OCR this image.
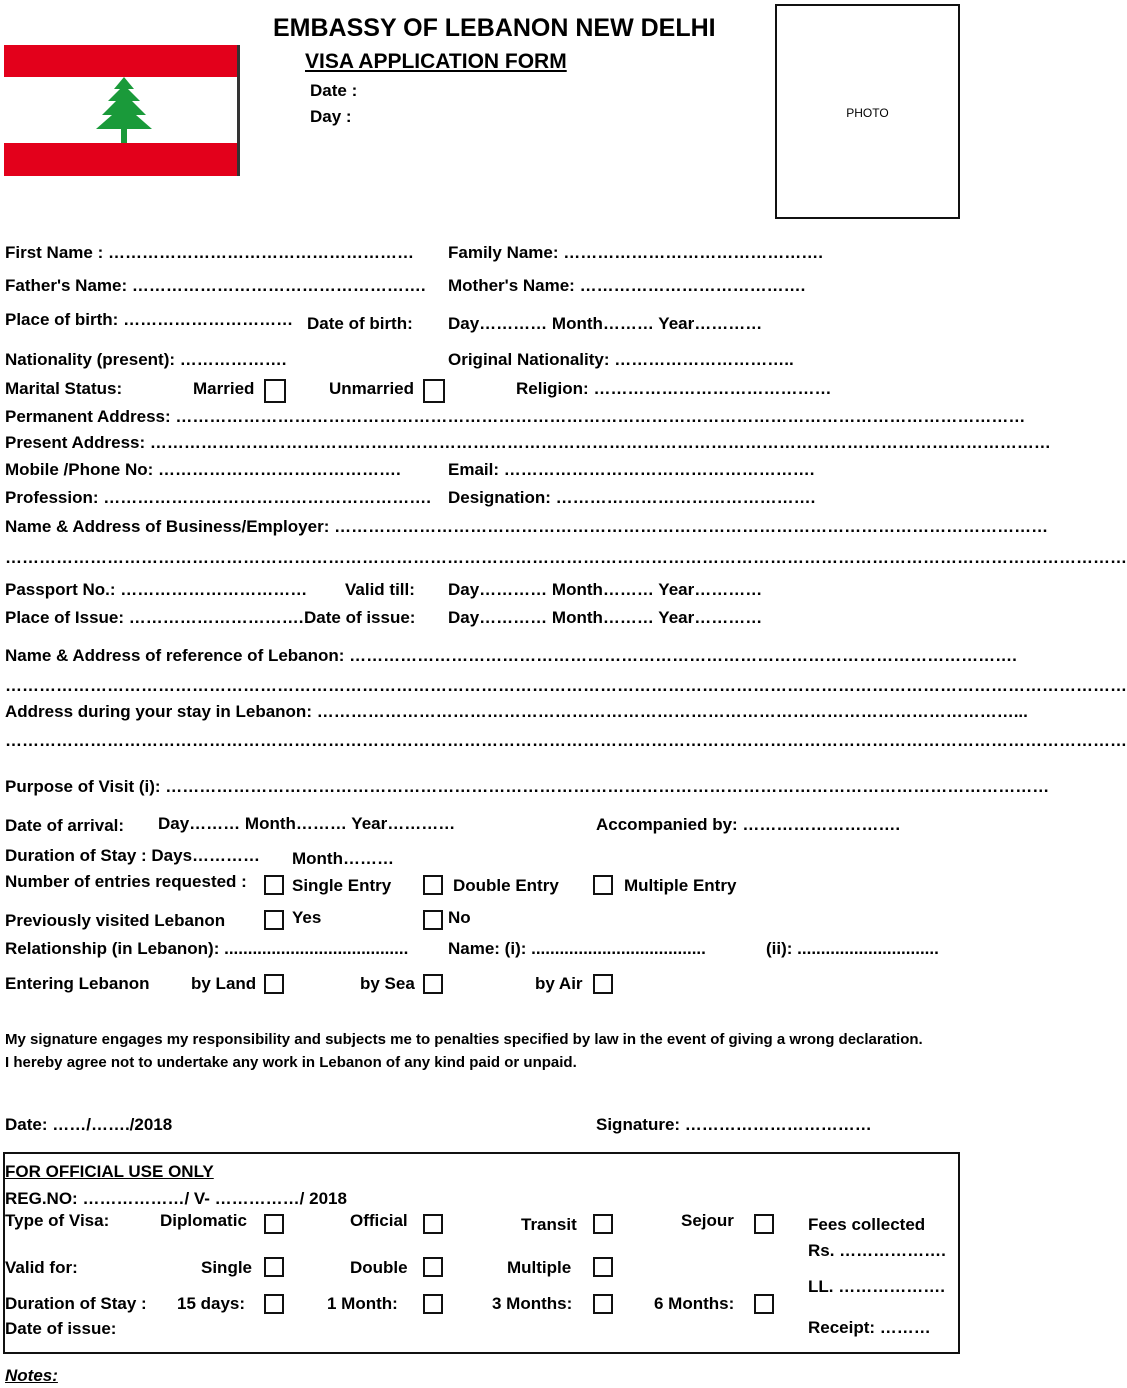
EMBASSY OF LEBANON NEW DELHI
VISA APPLICATION FORM
Date :
Day :	PHOTO
First Name : ……………………………………………… Family Name: ……………………………………….
Father's Name: ……………………………………………. Mother's Name: ………………………………….
Place of birth: ………………………… Date of birth: Day………… Month……… Year…………
Nationality (present): ……………….	Original Nationality: …………………………..
Marital Status:	Married	Unmarried	Religion: ……………………………………
Permanent Address: ……………………………………………………………………………………………………………………………………
Present Address: ……………………………………………………………………………………………………………………………………………
Mobile /Phone No: …………………………………….	Email: ……………………………………………….
Profession: …………………………………………………. Designation: ……………………………………….
Name & Address of Business/Employer: ………………………………………………………………………………………………………………
………………………………………………………………………………………………………………………………………………………………………………
Passport No.: …………………………… Valid till: Day………… Month……… Year…………
Place of Issue: …………………………. Date of issue: Day………… Month……… Year…………
Name & Address of reference of Lebanon: ……………………………………………………………………………………………………….
………………………………………………………………………………………………………………………………………………………………………………
Address during your stay in Lebanon: ……………………………………………………………………………………………………………...
………………………………………………………………………………………………………………………………………………………………………………
Purpose of Visit (i): …………………………………………………………………………………………………………………………………………
Date of arrival: Day……… Month……… Year…………	Accompanied by: ……………………….
Duration of Stay : Days………… Month………
Number of entries requested :	Single Entry	Double Entry	Multiple Entry
Previously visited Lebanon	Yes	No
Relationship (in Lebanon): ....................................... Name: (i): .....................................	(ii): ..............................
Entering Lebanon by Land	by Sea	by Air
My signature engages my responsibility and subjects me to penalties specified by law in the event of giving a wrong declaration.
I hereby agree not to undertake any work in Lebanon of any kind paid or unpaid.
Date: ……/……./2018	Signature: ……………………………
FOR OFFICIAL USE ONLY
REG.NO: ………………/ V- ……………/ 2018
Type of Visa:	Diplomatic	Official	Transit	Sejour	Fees collected
Rs. ……………….
Valid for:	Single	Double	Multiple
LL. ……………….
Duration of Stay : 15 days:	1 Month:	3 Months:	6 Months:
Date of issue:	Receipt: ………
Notes:
